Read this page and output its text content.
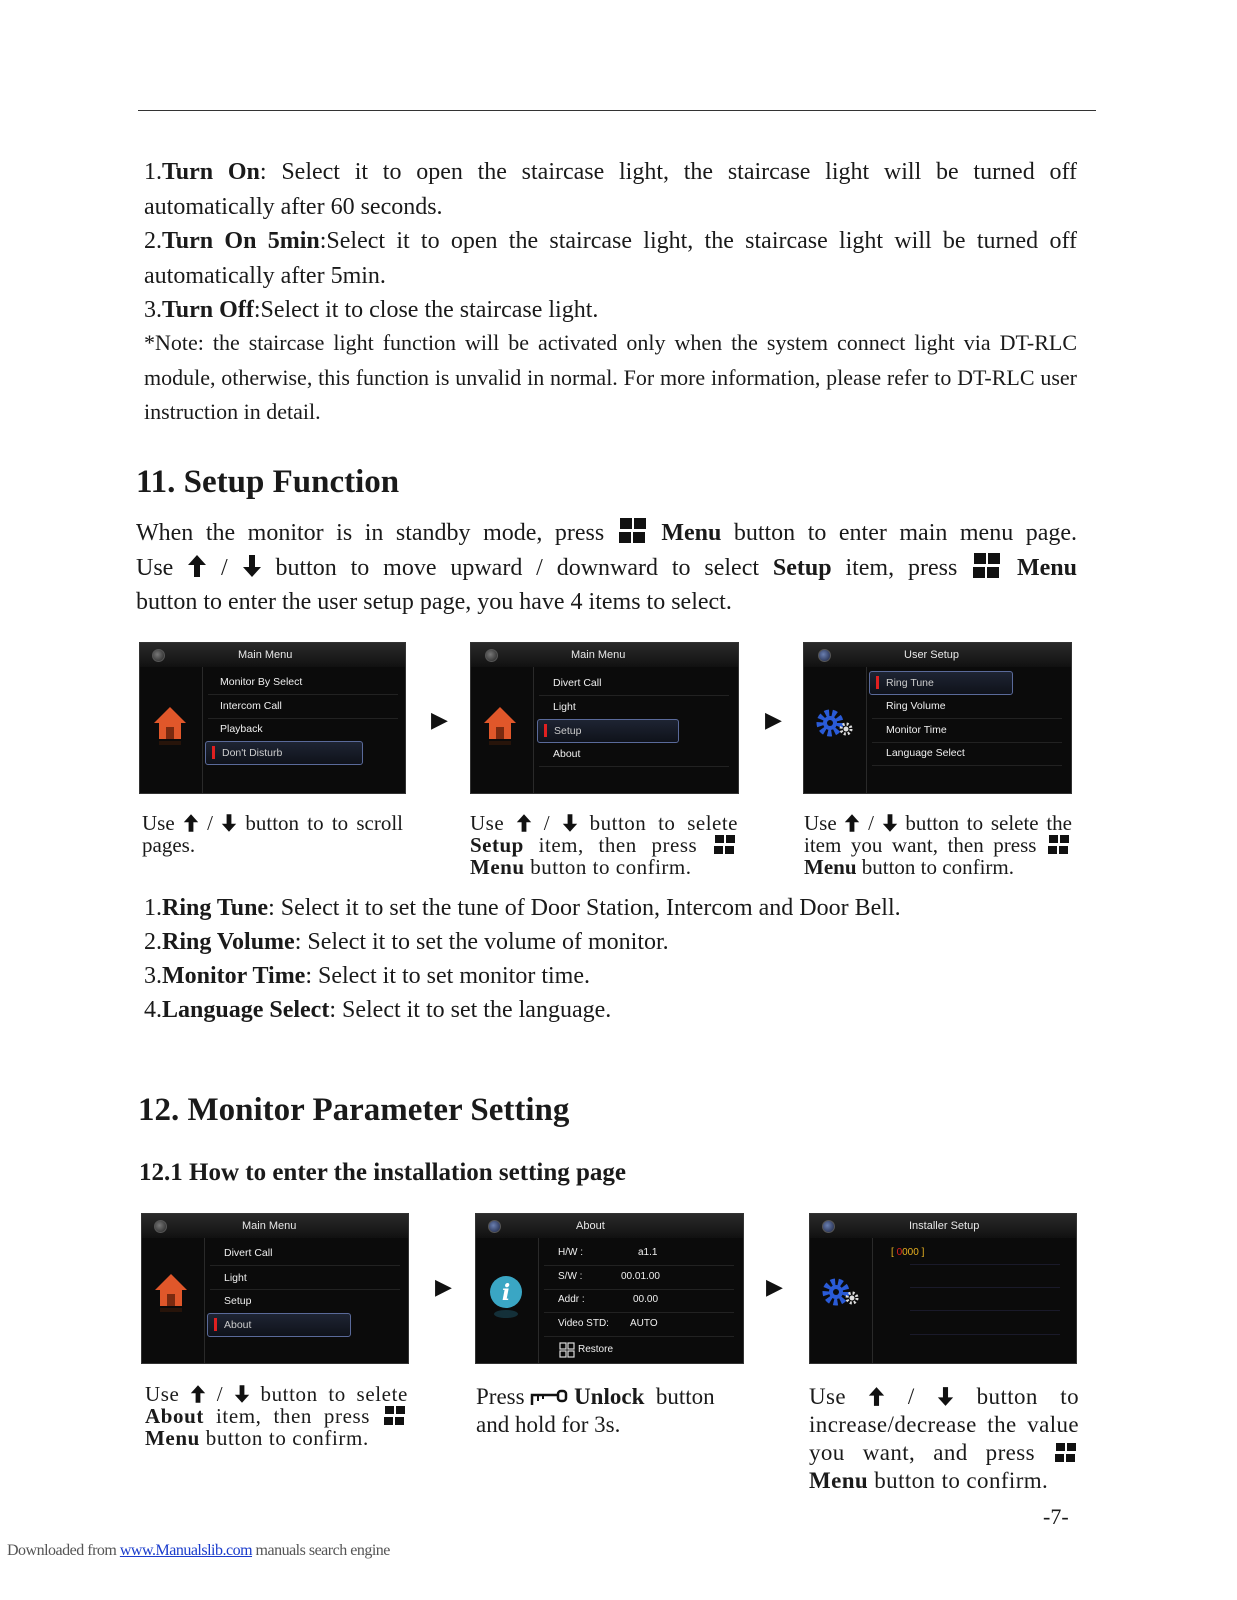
1.Turn On: Select it to open the staircase light, the staircase light will be turned off automatically after 60 seconds.
2.Turn On 5min:Select it to open the staircase light, the staircase light will be turned off automatically after 5min.
3.Turn Off:Select it to close the staircase light.
*Note: the staircase light function will be activated only when the system connect light via DT-RLC module, otherwise, this function is unvalid in normal. For more information, please refer to DT-RLC user instruction in detail.
11. Setup Function
When the monitor is in standby mode, press Menu button to enter main menu page.
Use / button to move upward / downward to select Setup item, press Menu
button to enter the user setup page, you have 4 items to select.
Main Menu
Monitor By Select
Intercom Call
Playback
Don't Disturb
▶
Main Menu
Divert Call
Light
Setup
About
▶
User Setup
Ring Tune
Ring Volume
Monitor Time
Language Select
Use / button to to scroll pages.
Use / button to selete Setup item, then press
Menu button to confirm.
Use / button to selete the item you want, then press
Menu button to confirm.
1.Ring Tune: Select it to set the tune of Door Station, Intercom and Door Bell.
2.Ring Volume: Select it to set the volume of monitor.
3.Monitor Time: Select it to set monitor time.
4.Language Select: Select it to set the language.
12. Monitor Parameter Setting
12.1 How to enter the installation setting page
Main Menu
Divert Call
Light
Setup
About
▶
About
i
H/W :	a1.1
S/W :	00.01.00
Addr :	00.00
Video STD: AUTO
Restore
▶
Installer Setup
[ 0000 ]
Use / button to selete About item, then press
Menu button to confirm.
Press Unlock button and hold for 3s.
Use	/	button to increase/decrease the value you want, and press
Menu button to confirm.
-7-
Downloaded from www.Manualslib.com manuals search engine
